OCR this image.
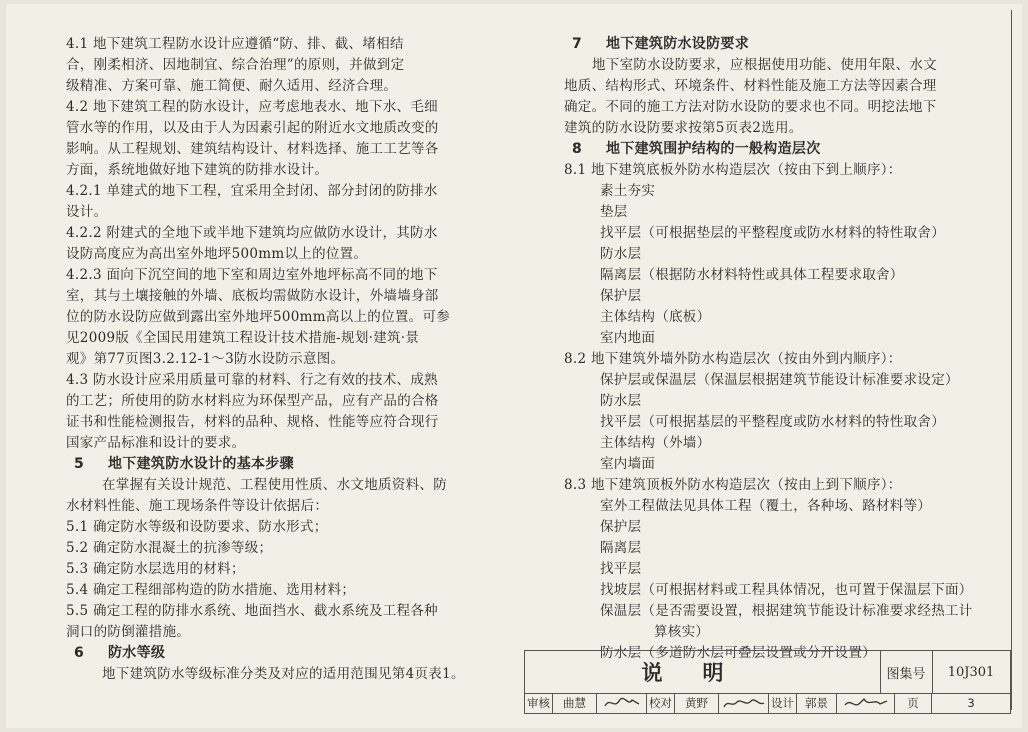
4.1 地下建筑工程防水设计应遵循“防、排、截、堵相结

合，刚柔相济、因地制宜、综合治理”的原则，并做到定

级精准、方案可靠、施工简便、耐久适用、经济合理。

4.2 地下建筑工程的防水设计，应考虑地表水、地下水、毛细

管水等的作用，以及由于人为因素引起的附近水文地质改变的

影响。从工程规划、建筑结构设计、材料选择、施工工艺等各

方面，系统地做好地下建筑的防排水设计。

4.2.1 单建式的地下工程，宜采用全封闭、部分封闭的防排水

设计。

4.2.2 附建式的全地下或半地下建筑均应做防水设计，其防水

设防高度应为高出室外地坪500mm以上的位置。

4.2.3 面向下沉空间的地下室和周边室外地坪标高不同的地下

室，其与土壤接触的外墙、底板均需做防水设计，外墙墙身部

位的防水设防应做到露出室外地坪500mm高以上的位置。可参

见2009版《全国民用建筑工程设计技术措施-规划·建筑·景

观》第77页图3.2.12-1～3防水设防示意图。

4.3 防水设计应采用质量可靠的材料、行之有效的技术、成熟

的工艺；所使用的防水材料应为环保型产品，应有产品的合格

证书和性能检测报告，材料的品种、规格、性能等应符合现行

国家产品标准和设计的要求。

5 地下建筑防水设计的基本步骤

在掌握有关设计规范、工程使用性质、水文地质资料、防

水材料性能、施工现场条件等设计依据后：

5.1 确定防水等级和设防要求、防水形式；

5.2 确定防水混凝土的抗渗等级；

5.3 确定防水层选用的材料；

5.4 确定工程细部构造的防水措施、选用材料；

5.5 确定工程的防排水系统、地面挡水、截水系统及工程各种

洞口的防倒灌措施。

6 防水等级

地下建筑防水等级标准分类及对应的适用范围见第4页表1。

7 地下建筑防水设防要求

地下室防水设防要求，应根据使用功能、使用年限、水文

地质、结构形式、环境条件、材料性能及施工方法等因素合理

确定。不同的施工方法对防水设防的要求也不同。明挖法地下

建筑的防水设防要求按第5页表2选用。

8 地下建筑围护结构的一般构造层次

8.1 地下建筑底板外防水构造层次（按由下到上顺序）：

素土夯实

垫层

找平层（可根据垫层的平整程度或防水材料的特性取舍）

防水层

隔离层（根据防水材料特性或具体工程要求取舍）

保护层

主体结构（底板）

室内地面

8.2 地下建筑外墙外防水构造层次（按由外到内顺序）：

保护层或保温层（保温层根据建筑节能设计标准要求设定）

防水层

找平层（可根据基层的平整程度或防水材料的特性取舍）

主体结构（外墙）

室内墙面

8.3 地下建筑顶板外防水构造层次（按由上到下顺序）：

室外工程做法见具体工程（覆土，各种场、路材料等）

保护层

隔离层

找平层

找坡层（可根据材料或工程具体情况，也可置于保温层下面）

保温层（是否需要设置，根据建筑节能设计标准要求经热工计

算核实）

防水层（多道防水层可叠层设置或分开设置）

说明	图集号	10J301
审核	曲慧	校对	黄野	设计 郭景	页	3
